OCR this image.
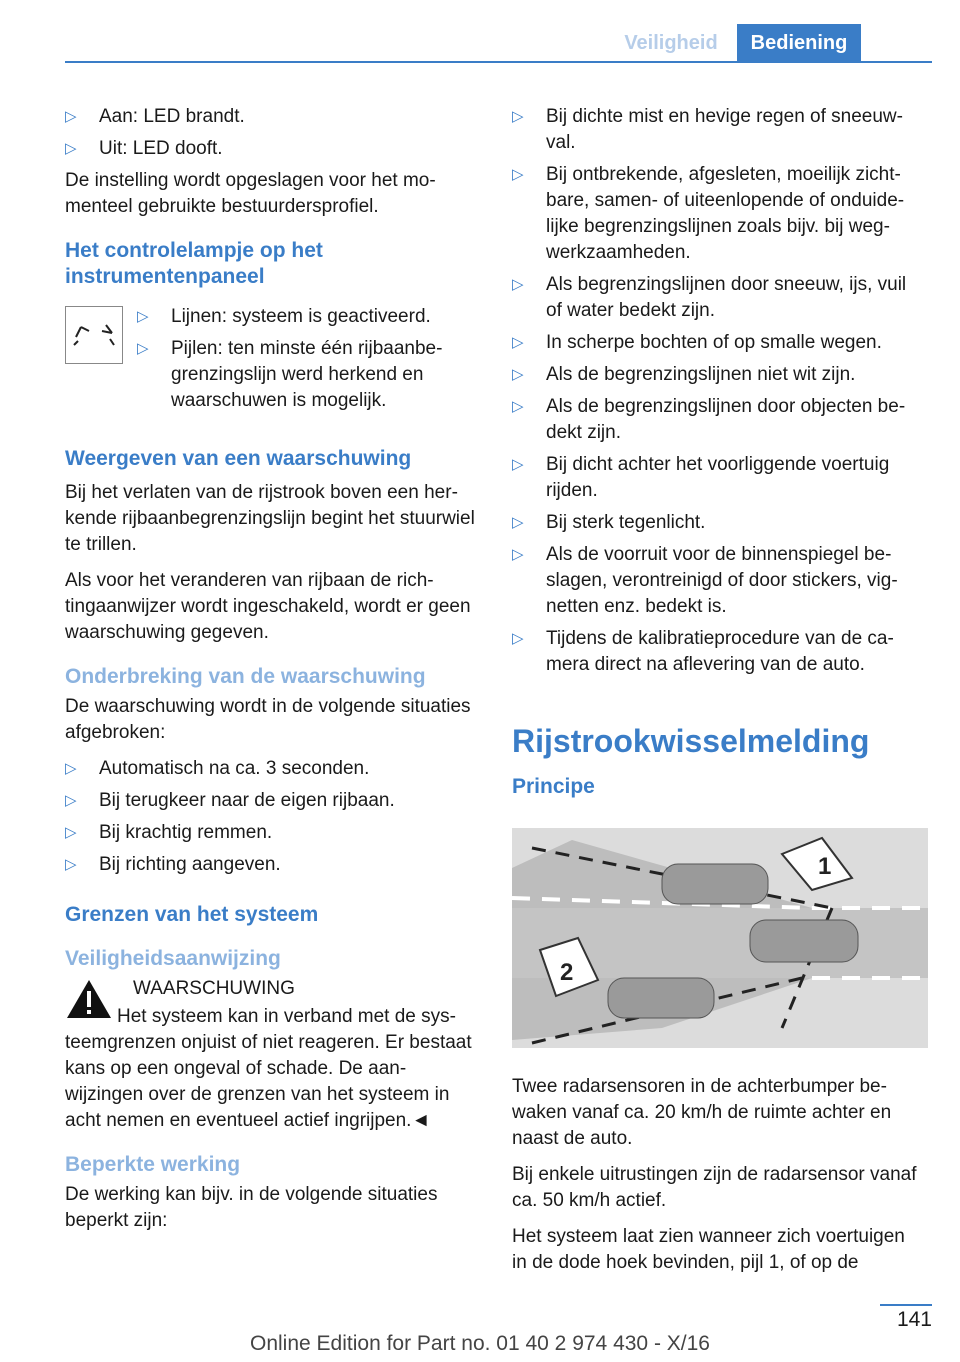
Veiligheid	Bediening
▷ Aan: LED brandt.
▷ Uit: LED dooft.

De instelling wordt opgeslagen voor het momenteel gebruikte bestuurdersprofiel.

Het controlelampje op het instrumentenpaneel
▷ Lijnen: systeem is geactiveerd.
▷ Pijlen: ten minste één rijbaanbegrenzingslijn werd herkend en waarschuwen is mogelijk.
Weergeven van een waarschuwing

Bij het verlaten van de rijstrook boven een herkende rijbaanbegrenzingslijn begint het stuurwiel te trillen.

Als voor het veranderen van rijbaan de richtingaanwijzer wordt ingeschakeld, wordt er geen waarschuwing gegeven.

Onderbreking van de waarschuwing

De waarschuwing wordt in de volgende situaties afgebroken:

▷ Automatisch na ca. 3 seconden.
▷ Bij terugkeer naar de eigen rijbaan.
▷ Bij krachtig remmen.
▷ Bij richting aangeven.
Grenzen van het systeem
Veiligheidsaanwijzing
WAARSCHUWING

Het systeem kan in verband met de systeemgrenzen onjuist of niet reageren. Er bestaat kans op een ongeval of schade. De aanwijzingen over de grenzen van het systeem in acht nemen en eventueel actief ingrijpen.◄

Beperkte werking

De werking kan bijv. in de volgende situaties beperkt zijn:

▷ Bij dichte mist en hevige regen of sneeuwval.
▷ Bij ontbrekende, afgesleten, moeilijk zichtbare, samen- of uiteenlopende of onduidelijke begrenzingslijnen zoals bijv. bij wegwerkzaamheden.
▷ Als begrenzingslijnen door sneeuw, ijs, vuil of water bedekt zijn.
▷ In scherpe bochten of op smalle wegen.
▷ Als de begrenzingslijnen niet wit zijn.
▷ Als de begrenzingslijnen door objecten bedekt zijn.
▷ Bij dicht achter het voorliggende voertuig rijden.
▷ Bij sterk tegenlicht.
▷ Als de voorruit voor de binnenspiegel beslagen, verontreinigd of door stickers, vignetten enz. bedekt is.
▷ Tijdens de kalibratieprocedure van de camera direct na aflevering van de auto.
Rijstrookwisselmelding
Principe
1
2

Twee radarsensoren in de achterbumper bewaken vanaf ca. 20 km/h de ruimte achter en naast de auto.

Bij enkele uitrustingen zijn de radarsensor vanaf ca. 50 km/h actief.

Het systeem laat zien wanneer zich voertuigen in de dode hoek bevinden, pijl 1, of op de

141
Online Edition for Part no. 01 40 2 974 430 - X/16
